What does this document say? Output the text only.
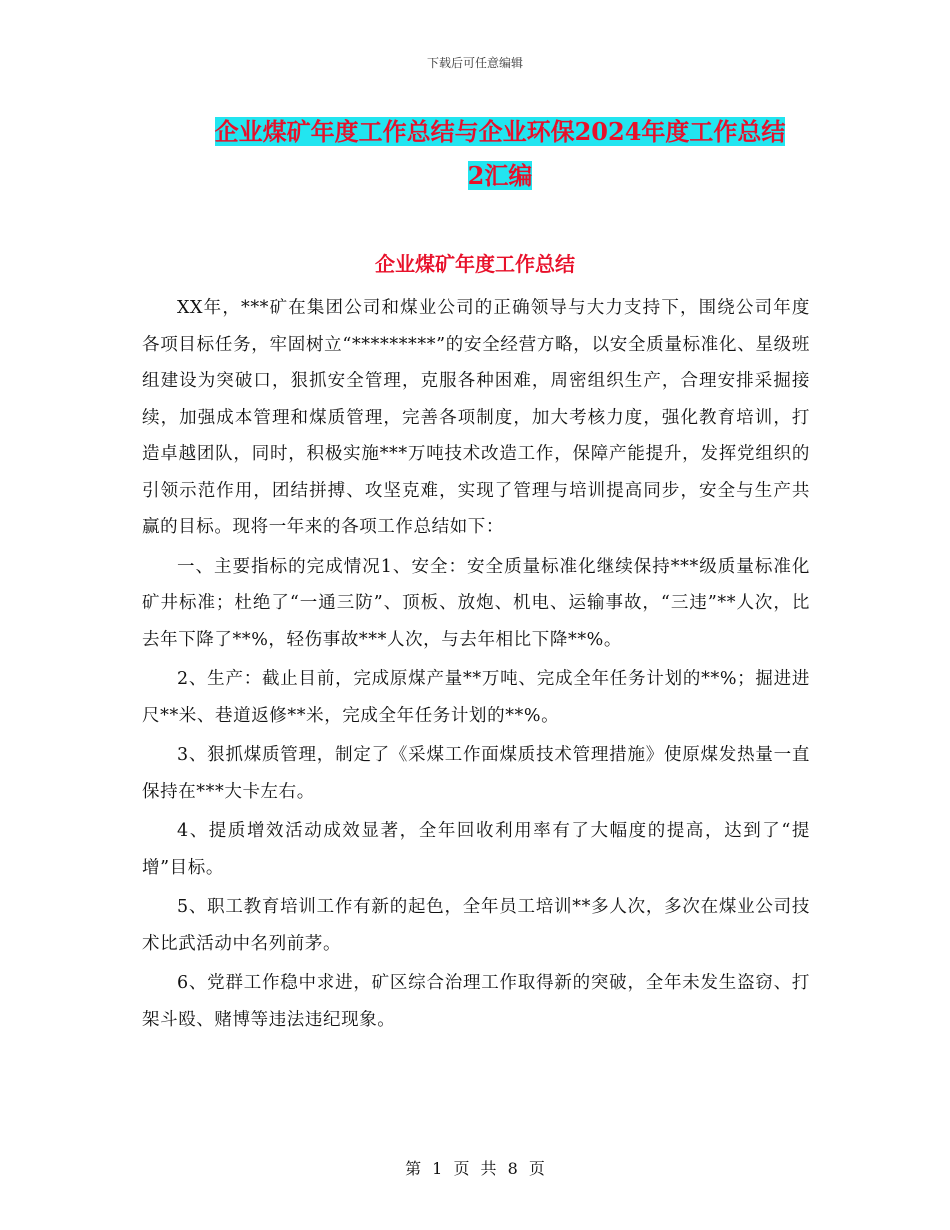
下载后可任意编辑
企业煤矿年度工作总结与企业环保2024年度工作总结
2汇编
企业煤矿年度工作总结

XX年，***矿在集团公司和煤业公司的正确领导与大力支持下，围绕公司年度各项目标任务，牢固树立“*********”的安全经营方略，以安全质量标准化、星级班组建设为突破口，狠抓安全管理，克服各种困难，周密组织生产，合理安排采掘接续，加强成本管理和煤质管理，完善各项制度，加大考核力度，强化教育培训，打造卓越团队，同时，积极实施***万吨技术改造工作，保障产能提升，发挥党组织的引领示范作用，团结拼搏、攻坚克难，实现了管理与培训提高同步，安全与生产共赢的目标。现将一年来的各项工作总结如下：

一、主要指标的完成情况1、安全：安全质量标准化继续保持***级质量标准化矿井标准；杜绝了“一通三防”、顶板、放炮、机电、运输事故，“三违”**人次，比去年下降了**%，轻伤事故***人次，与去年相比下降**%。

2、生产：截止目前，完成原煤产量**万吨、完成全年任务计划的**%；掘进进尺**米、巷道返修**米，完成全年任务计划的**%。

3、狠抓煤质管理，制定了《采煤工作面煤质技术管理措施》使原煤发热量一直保持在***大卡左右。

4、提质增效活动成效显著，全年回收利用率有了大幅度的提高，达到了“提增”目标。

5、职工教育培训工作有新的起色，全年员工培训**多人次，多次在煤业公司技术比武活动中名列前茅。

6、党群工作稳中求进，矿区综合治理工作取得新的突破，全年未发生盗窃、打架斗殴、赌博等违法违纪现象。

第 1 页 共 8 页
